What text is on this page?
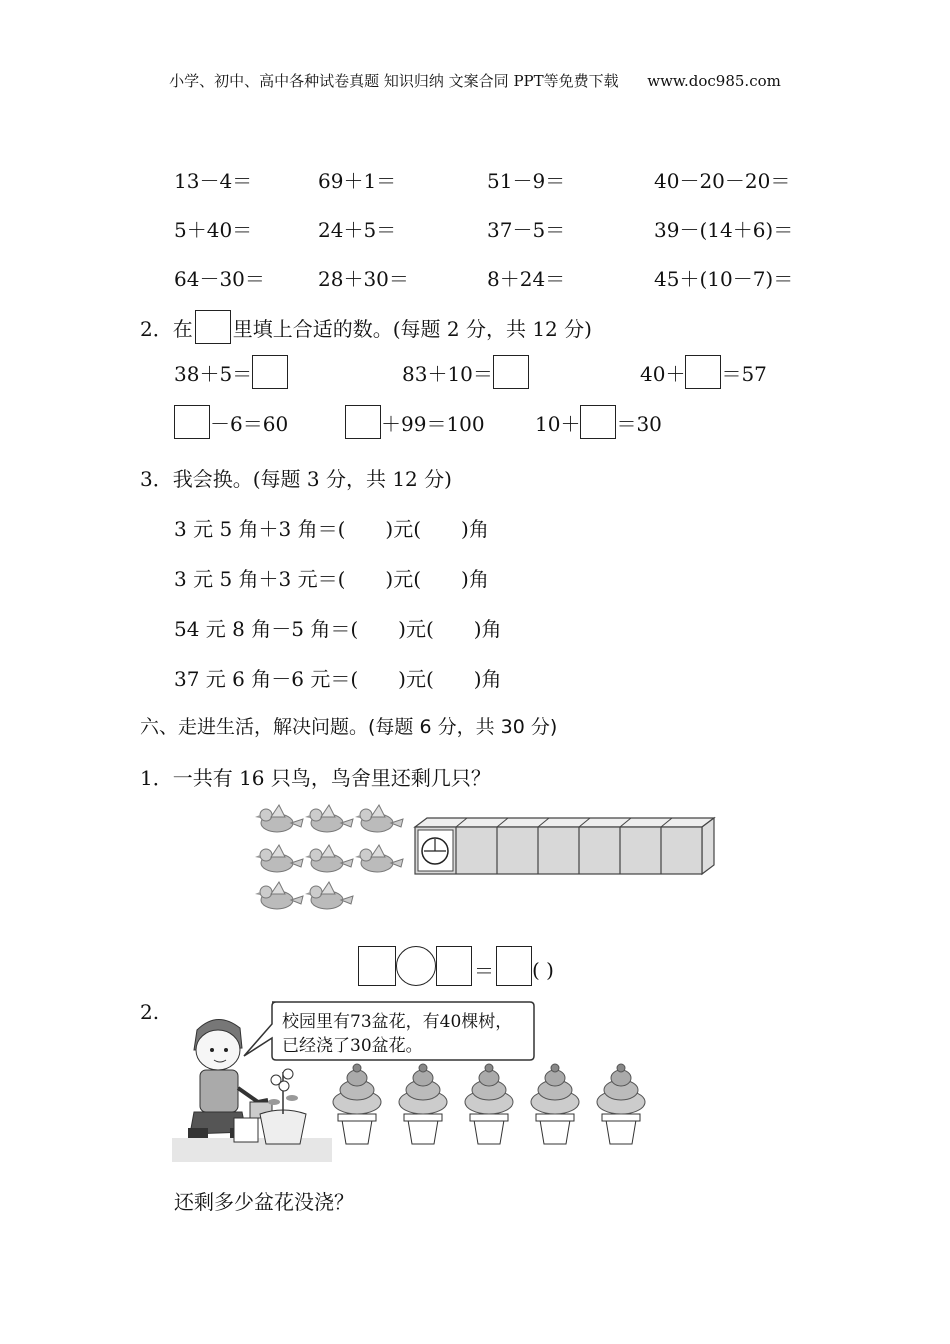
小学、初中、高中各种试卷真题 知识归纳 文案合同 PPT等免费下载 www.doc985.com
13－4＝	69＋1＝	51－9＝	40－20－20＝
5＋40＝	24＋5＝	37－5＝	39－(14＋6)＝
64－30＝	28＋30＝	8＋24＝	45＋(10－7)＝
2． 在 里填上合适的数。(每题 2 分，共 12 分)
38＋5＝	83＋10＝	40＋ ＝57
－6＝60	＋99＝100	10＋ ＝30
3．我会换。(每题 3 分，共 12 分)
3 元 5 角＋3 角＝( )元( )角
3 元 5 角＋3 元＝( )元( )角
54 元 8 角－5 角＝( )元( )角
37 元 6 角－6 元＝( )元( )角
六、走进生活，解决问题。(每题 6 分，共 30 分)
1．一共有 16 只鸟，鸟舍里还剩几只？
＝ ( )
2.	校园里有73盆花，有40棵树，
已经浇了30盆花。
还剩多少盆花没浇？
